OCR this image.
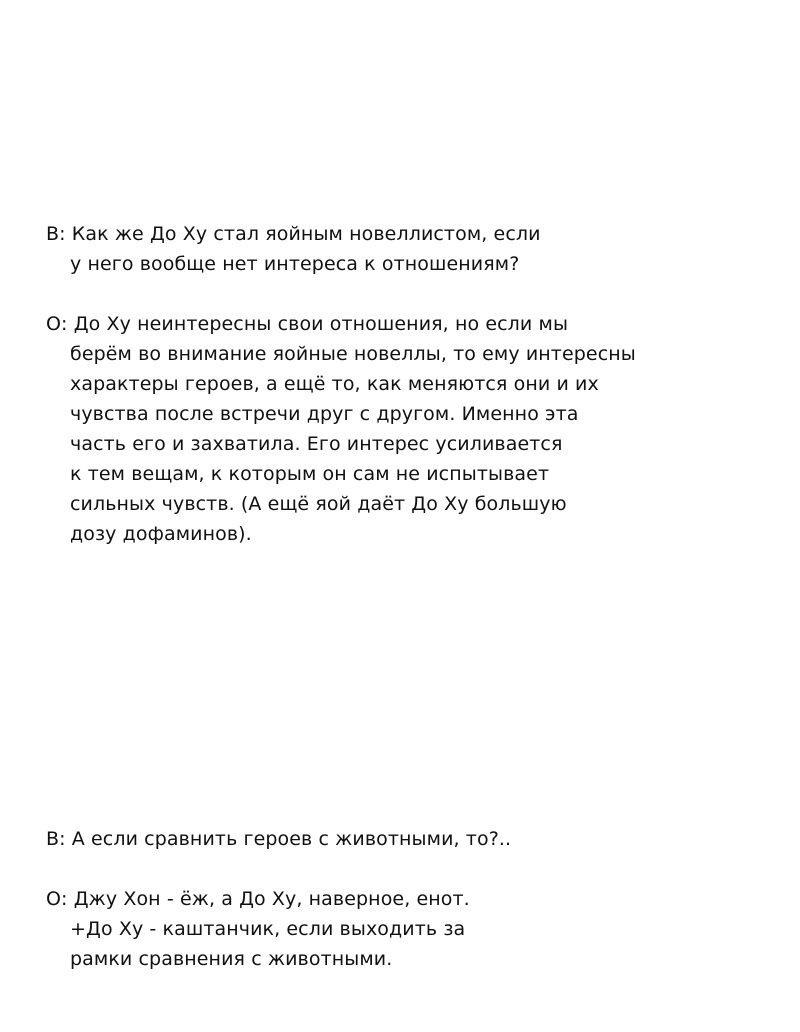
В: Как же До Ху стал яойным новеллистом, если
у него вообще нет интереса к отношениям?
О: До Ху неинтересны свои отношения, но если мы
берём во внимание яойные новеллы, то ему интересны
характеры героев, а ещё то, как меняются они и их
чувства после встречи друг с другом. Именно эта
часть его и захватила. Его интерес усиливается
к тем вещам, к которым он сам не испытывает
сильных чувств. (А ещё яой даёт До Ху большую
дозу дофаминов).
В: А если сравнить героев с животными, то?..
О: Джу Хон - ёж, а До Ху, наверное, енот.
+До Ху - каштанчик, если выходить за
рамки сравнения с животными.
